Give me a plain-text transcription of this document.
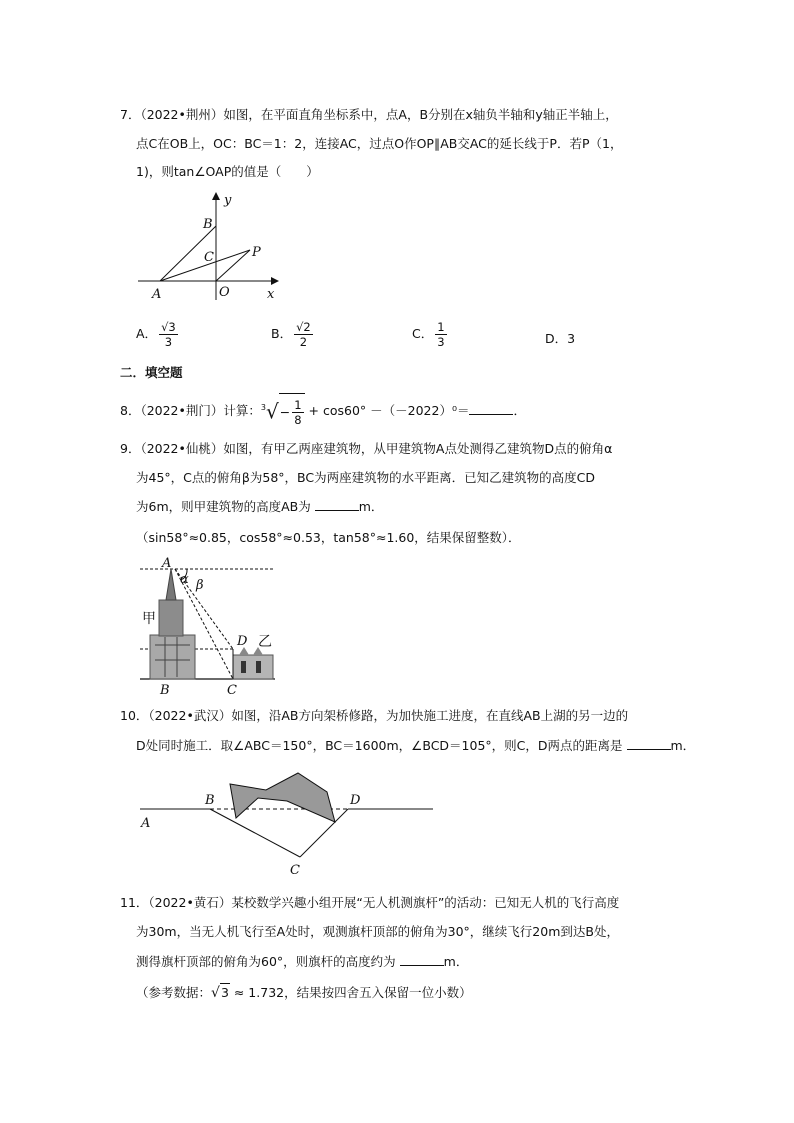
7．（2022•荆州）如图，在平面直角坐标系中，点A，B分别在x轴负半轴和y轴正半轴上，
点C在OB上，OC：BC＝1：2，连接AC，过点O作OP∥AB交AC的延长线于P．若P（1，
1)，则tan∠OAP的值是（　　）
y
B
C	P
A	O	x
A． $\frac{√3}{3}$	B． $\frac{√2}{2}$	C． $\frac{1}{3}$	D．3
二．填空题
8．（2022•荆门）计算：$^3√- \frac{1}{8} + \cos 60^\circ -(-2022)^0=$	．
9．（2022•仙桃）如图，有甲乙两座建筑物，从甲建筑物A点处测得乙建筑物D点的俯角α
为45°，C点的俯角β为58°，BC为两座建筑物的水平距离．已知乙建筑物的高度CD
为6m，则甲建筑物的高度AB为	m．
（sin58°≈0.85，cos58°≈0.53，tan58°≈1.60，结果保留整数）．
A
α β
甲
D 乙
B	C
10．（2022•武汉）如图，沿AB方向架桥修路，为加快施工进度，在直线AB上湖的另一边的
D处同时施工．取∠ABC＝150°，BC＝1600m，∠BCD＝105°，则C，D两点的距离是	m．
A
B	D
C
11．（2022•黄石）某校数学兴趣小组开展“无人机测旗杆”的活动：已知无人机的飞行高度
为30m，当无人机飞行至A处时，观测旗杆顶部的俯角为30°，继续飞行20m到达B处，
测得旗杆顶部的俯角为60°，则旗杆的高度约为	m．
（参考数据：√3 ≈ 1.732，结果按四舍五入保留一位小数）
